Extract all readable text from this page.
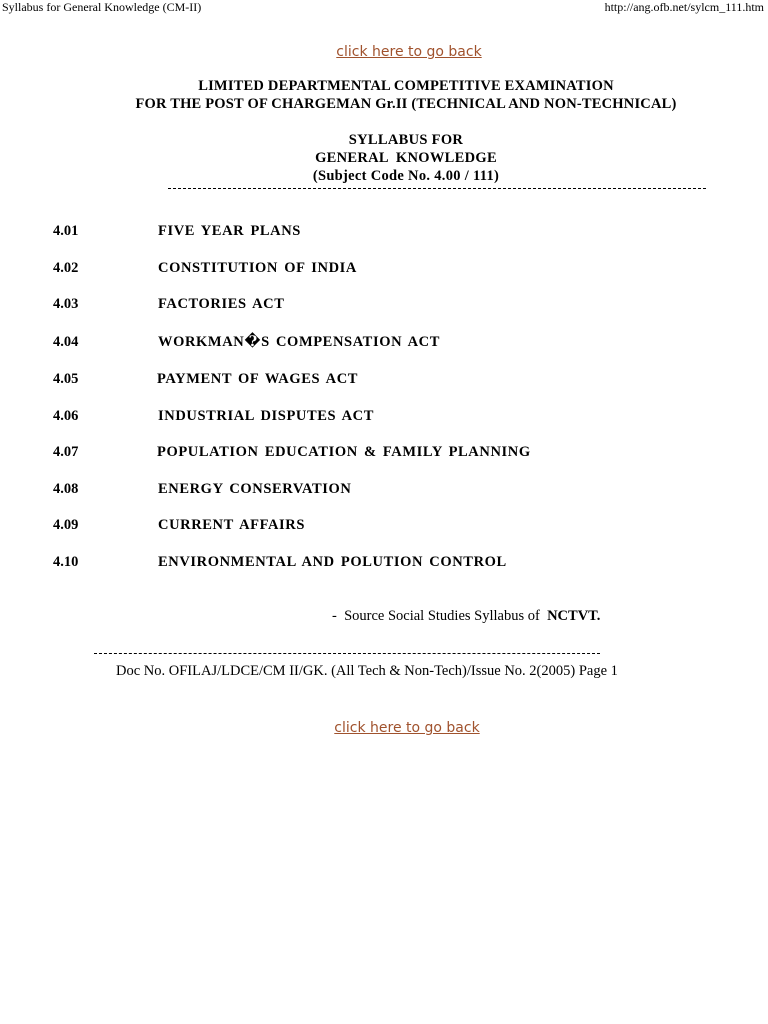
Syllabus for General Knowledge (CM-II)	http://ang.ofb.net/sylcm_111.htm
click here to go back
LIMITED DEPARTMENTAL COMPETITIVE EXAMINATION
FOR THE POST OF CHARGEMAN Gr.II (TECHNICAL AND NON-TECHNICAL)
SYLLABUS FOR
GENERAL  KNOWLEDGE
(Subject Code No. 4.00 / 111)
4.01	FIVE YEAR PLANS
4.02	CONSTITUTION OF INDIA
4.03	FACTORIES ACT
4.04	WORKMAN�S COMPENSATION ACT
4.05	PAYMENT OF WAGES ACT
4.06	INDUSTRIAL DISPUTES ACT
4.07	POPULATION EDUCATION & FAMILY PLANNING
4.08	ENERGY CONSERVATION
4.09	CURRENT AFFAIRS
4.10	ENVIRONMENTAL AND POLUTION CONTROL
-  Source Social Studies Syllabus of  NCTVT.
Doc No. OFILAJ/LDCE/CM II/GK. (All Tech & Non-Tech)/Issue No. 2(2005) Page 1
click here to go back
